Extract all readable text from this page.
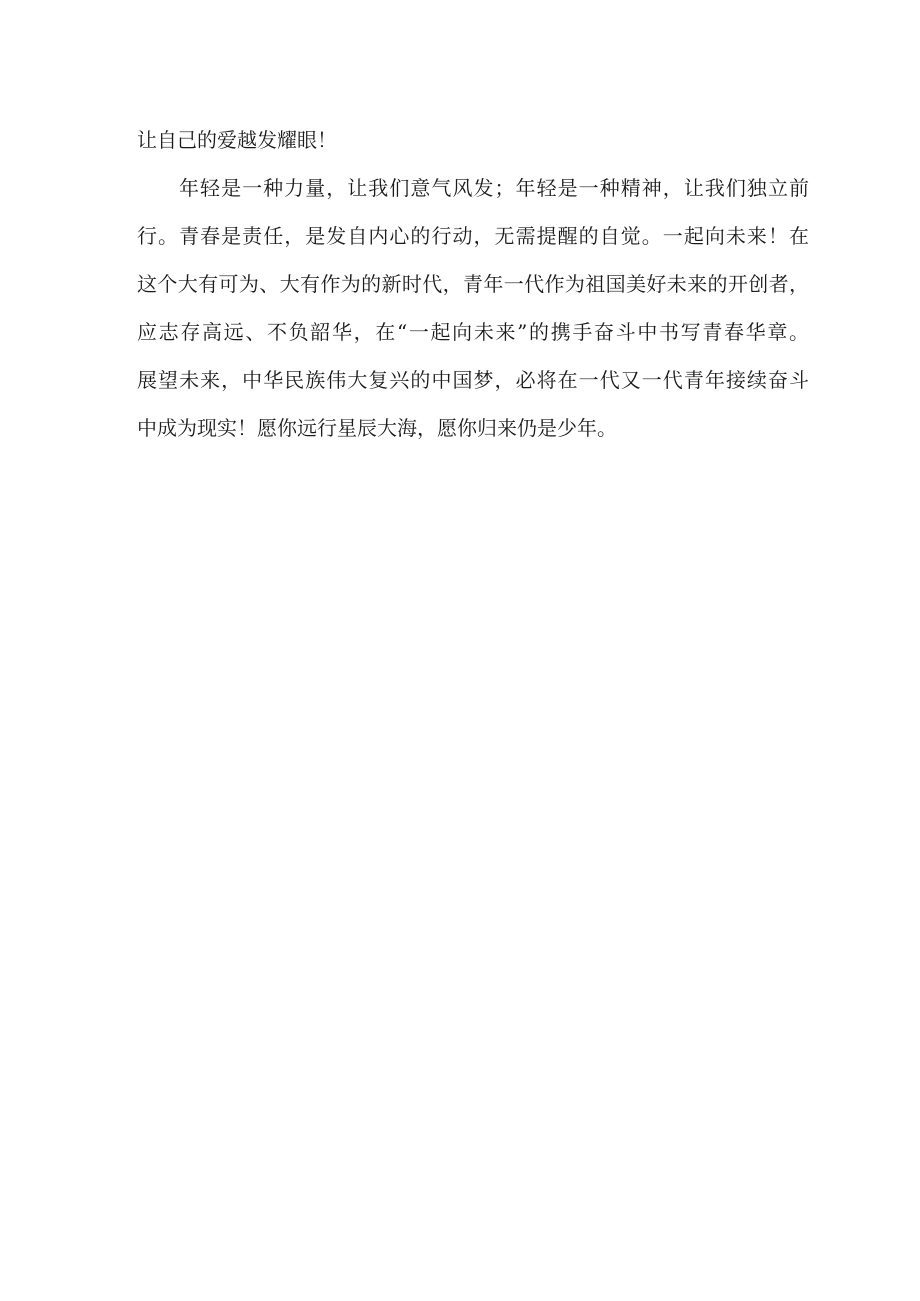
让自己的爱越发耀眼！
年轻是一种力量，让我们意气风发；年轻是一种精神，让我们独立前
行。青春是责任，是发自内心的行动，无需提醒的自觉。一起向未来！在
这个大有可为、大有作为的新时代，青年一代作为祖国美好未来的开创者，
应志存高远、不负韶华，在“一起向未来”的携手奋斗中书写青春华章。
展望未来，中华民族伟大复兴的中国梦，必将在一代又一代青年接续奋斗
中成为现实！愿你远行星辰大海，愿你归来仍是少年。
